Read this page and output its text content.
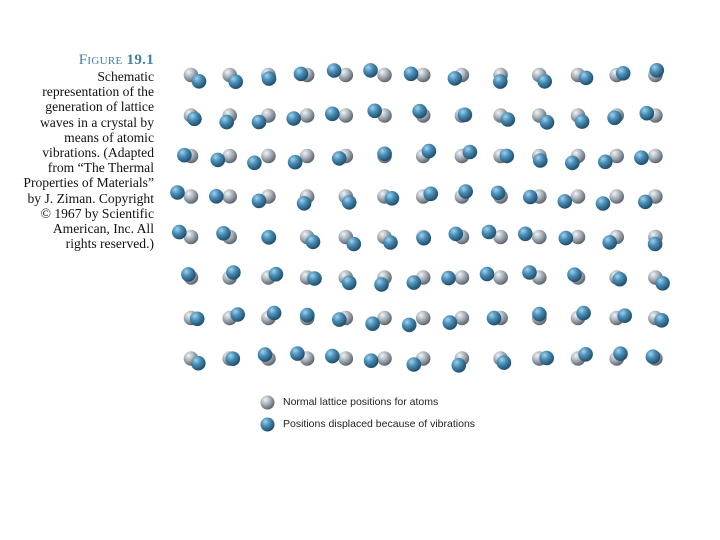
Figure 19.1

Schematic
representation of the
generation of lattice
waves in a crystal by
means of atomic
vibrations. (Adapted
from “The Thermal
Properties of Materials”
by J. Ziman. Copyright
© 1967 by Scientific
American, Inc. All
rights reserved.)

Normal lattice positions for atoms
Positions displaced because of vibrations
